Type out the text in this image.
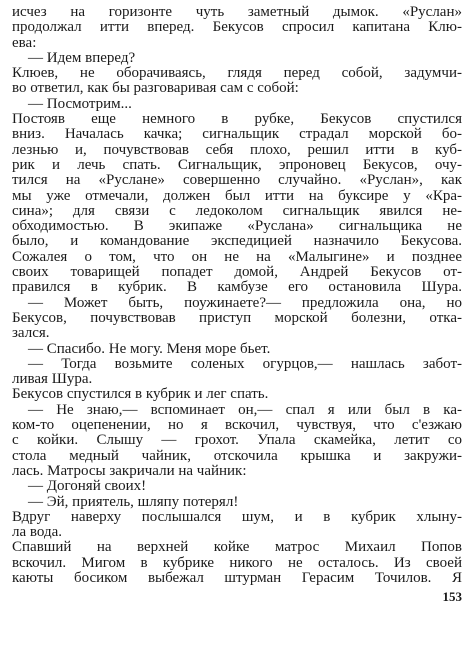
исчез на горизонте чуть заметный дымок. «Руслан»
продолжал итти вперед. Бекусов спросил капитана Клю-
ева:
— Идем вперед?
Клюев, не оборачиваясь, глядя перед собой, задумчи-
во ответил, как бы разговаривая сам с собой:
— Посмотрим...
Постояв еще немного в рубке, Бекусов спустился
вниз. Началась качка; сигнальщик страдал морской бо-
лезнью и, почувствовав себя плохо, решил итти в куб-
рик и лечь спать. Сигнальщик, эпроновец Бекусов, очу-
тился на «Руслане» совершенно случайно. «Руслан», как
мы уже отмечали, должен был итти на буксире у «Кра-
сина»; для связи с ледоколом сигнальщик явился не-
обходимостью. В экипаже «Руслана» сигнальщика не
было, и командование экспедицией назначило Бекусова.
Сожалея о том, что он не на «Малыгине» и позднее
своих товарищей попадет домой, Андрей Бекусов от-
правился в кубрик. В камбузе его остановила Шура.
— Может быть, поужинаете?— предложила она, но
Бекусов, почувствовав приступ морской болезни, отка-
зался.
— Спасибо. Не могу. Меня море бьет.
— Тогда возьмите соленых огурцов,— нашлась забот-
ливая Шура.
Бекусов спустился в кубрик и лег спать.
— Не знаю,— вспоминает он,— спал я или был в ка-
ком-то оцепенении, но я вскочил, чувствуя, что с'езжаю
с койки. Слышу — грохот. Упала скамейка, летит со
стола медный чайник, отскочила крышка и закружи-
лась. Матросы закричали на чайник:
— Догоняй своих!
— Эй, приятель, шляпу потерял!
Вдруг наверху послышался шум, и в кубрик хлыну-
ла вода.
Спавший на верхней койке матрос Михаил Попов
вскочил. Мигом в кубрике никого не осталось. Из своей
каюты босиком выбежал штурман Герасим Точилов. Я
153
